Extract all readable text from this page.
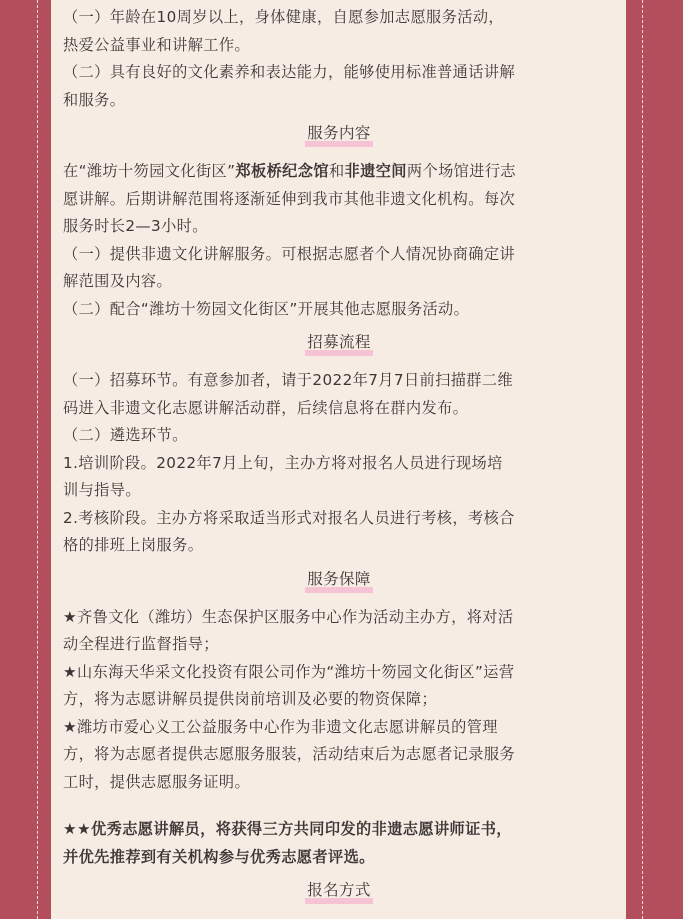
（一）年龄在10周岁以上，身体健康，自愿参加志愿服务活动，

热爱公益事业和讲解工作。

（二）具有良好的文化素养和表达能力，能够使用标准普通话讲解

和服务。

服务内容

在“潍坊十笏园文化街区”郑板桥纪念馆和非遗空间两个场馆进行志

愿讲解。后期讲解范围将逐渐延伸到我市其他非遗文化机构。每次

服务时长2—3小时。

（一）提供非遗文化讲解服务。可根据志愿者个人情况协商确定讲

解范围及内容。

（二）配合“潍坊十笏园文化街区”开展其他志愿服务活动。

招募流程

（一）招募环节。有意参加者，请于2022年7月7日前扫描群二维

码进入非遗文化志愿讲解活动群，后续信息将在群内发布。

（二）遴选环节。

1.培训阶段。2022年7月上旬，主办方将对报名人员进行现场培

训与指导。

2.考核阶段。主办方将采取适当形式对报名人员进行考核，考核合

格的排班上岗服务。

服务保障

★齐鲁文化（潍坊）生态保护区服务中心作为活动主办方，将对活

动全程进行监督指导；

★山东海天华采文化投资有限公司作为“潍坊十笏园文化街区”运营

方，将为志愿讲解员提供岗前培训及必要的物资保障；

★潍坊市爱心义工公益服务中心作为非遗文化志愿讲解员的管理

方，将为志愿者提供志愿服务服装，活动结束后为志愿者记录服务

工时，提供志愿服务证明。

★★优秀志愿讲解员，将获得三方共同印发的非遗志愿讲师证书，

并优先推荐到有关机构参与优秀志愿者评选。

报名方式
